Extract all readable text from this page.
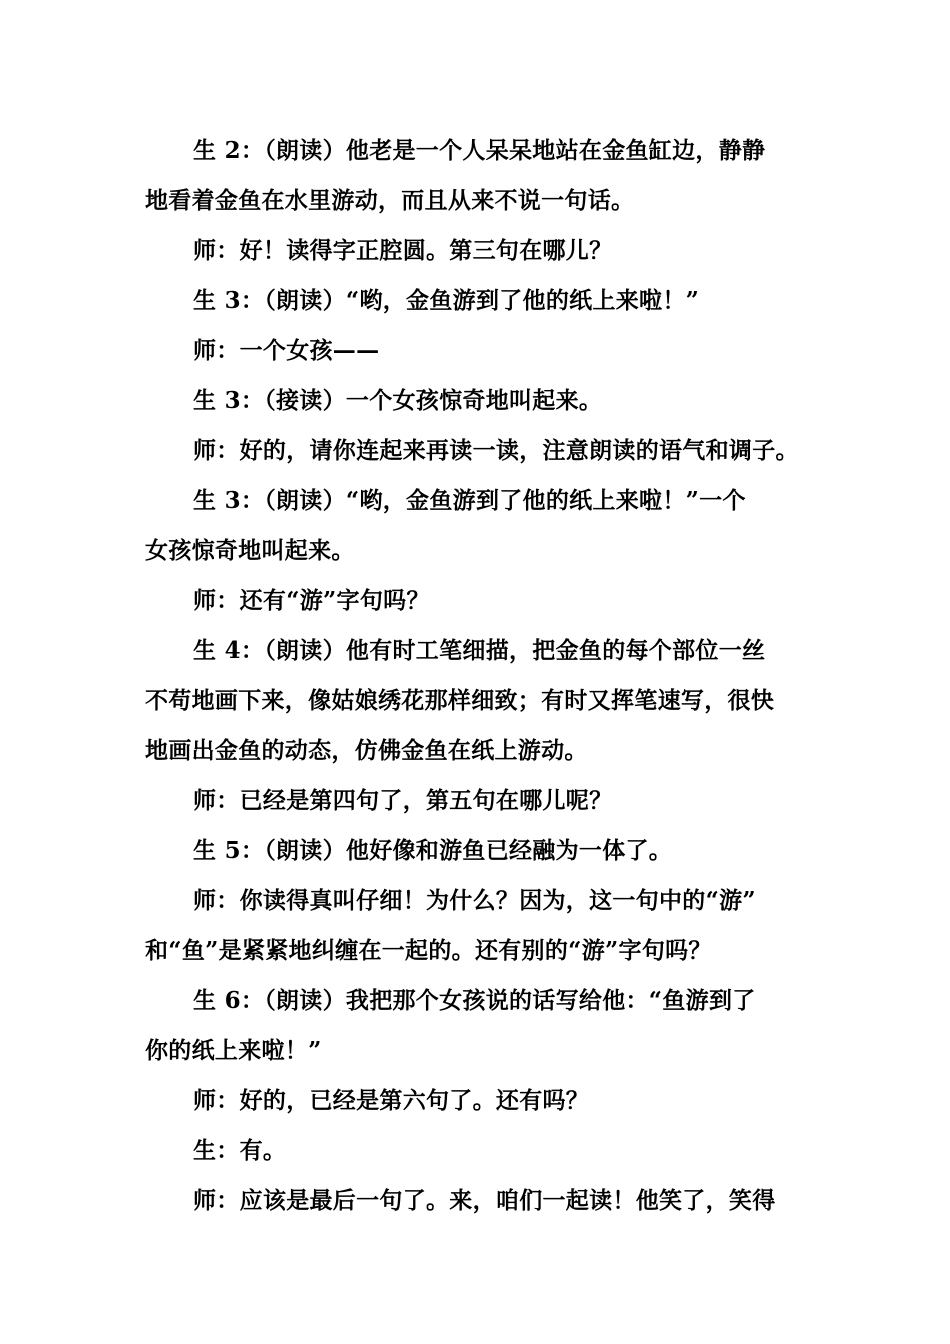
生 2：（朗读）他老是一个人呆呆地站在金鱼缸边，静静
地看着金鱼在水里游动，而且从来不说一句话。
师：好！读得字正腔圆。第三句在哪儿？
生 3：（朗读）“哟，金鱼游到了他的纸上来啦！”
师：一个女孩——
生 3：（接读）一个女孩惊奇地叫起来。
师：好的，请你连起来再读一读，注意朗读的语气和调子。
生 3：（朗读）“哟，金鱼游到了他的纸上来啦！”一个
女孩惊奇地叫起来。
师：还有“游”字句吗？
生 4：（朗读）他有时工笔细描，把金鱼的每个部位一丝
不苟地画下来，像姑娘绣花那样细致；有时又挥笔速写，很快
地画出金鱼的动态，仿佛金鱼在纸上游动。
师：已经是第四句了，第五句在哪儿呢？
生 5：（朗读）他好像和游鱼已经融为一体了。
师：你读得真叫仔细！为什么？因为，这一句中的“游”
和“鱼”是紧紧地纠缠在一起的。还有别的“游”字句吗？
生 6：（朗读）我把那个女孩说的话写给他：“鱼游到了
你的纸上来啦！”
师：好的，已经是第六句了。还有吗？
生：有。
师：应该是最后一句了。来，咱们一起读！他笑了，笑得
